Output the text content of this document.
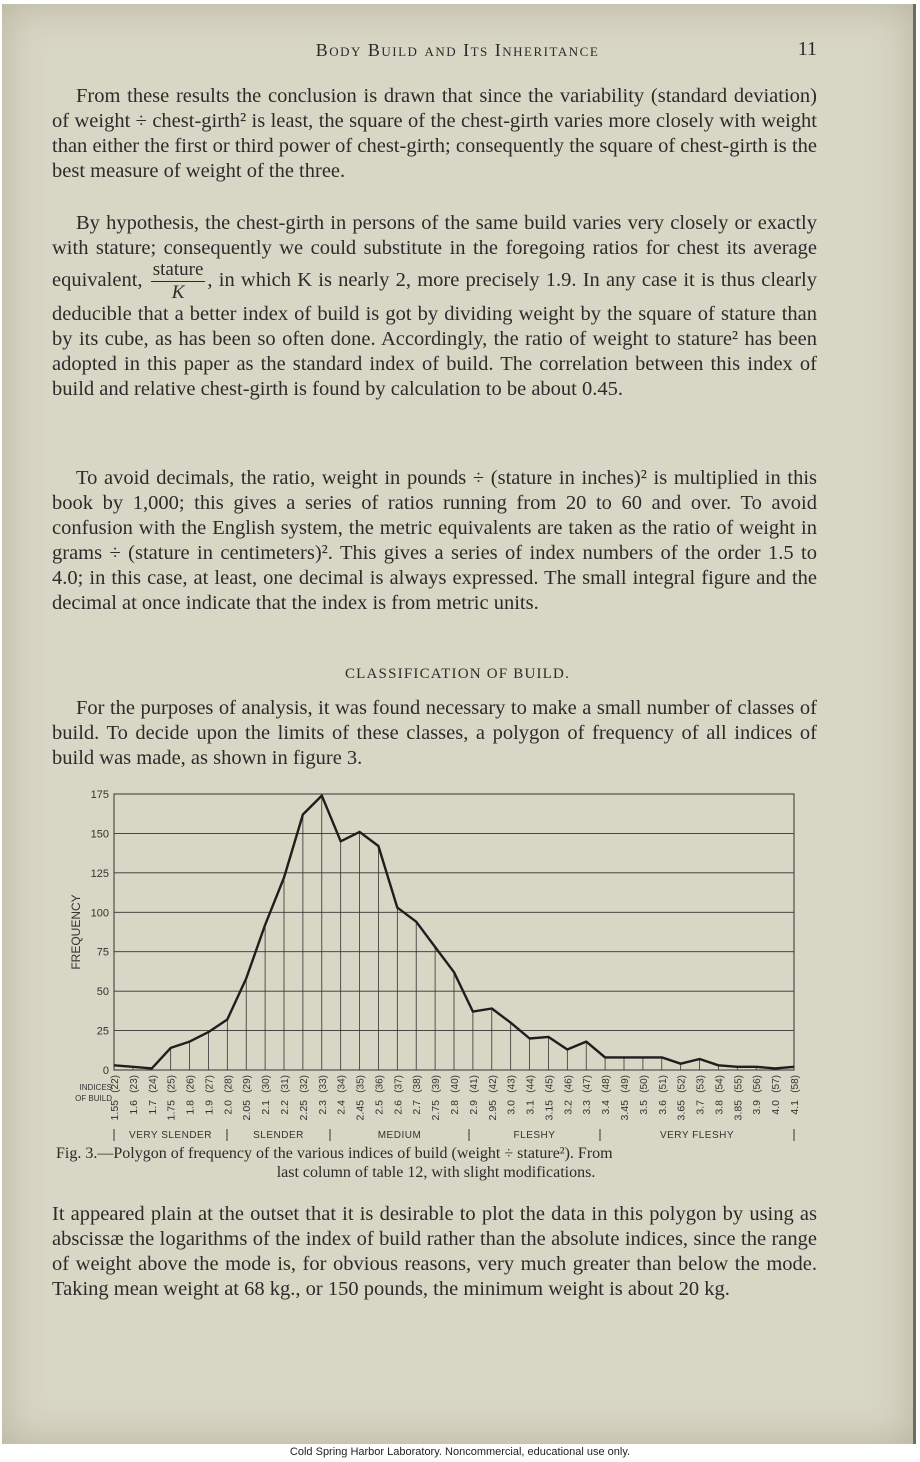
Body Build and Its Inheritance	11

From these results the conclusion is drawn that since the variability (standard deviation) of weight ÷ chest-girth² is least, the square of the chest-girth varies more closely with weight than either the first or third power of chest-girth; consequently the square of chest-girth is the best measure of weight of the three.

By hypothesis, the chest-girth in persons of the same build varies very closely or exactly with stature; consequently we could substitute in the foregoing ratios for chest its average equivalent, $\frac{\text{stature}}{K}$ , in which K is nearly 2, more precisely 1.9. In any case it is thus clearly deducible that a better index of build is got by dividing weight by the square of stature than by its cube, as has been so often done. Accordingly, the ratio of weight to stature² has been adopted in this paper as the standard index of build. The correlation between this index of build and relative chest-girth is found by calculation to be about 0.45.

To avoid decimals, the ratio, weight in pounds ÷ (stature in inches)² is multiplied in this book by 1,000; this gives a series of ratios running from 20 to 60 and over. To avoid confusion with the English system, the metric equivalents are taken as the ratio of weight in grams ÷ (stature in centimeters)². This gives a series of index numbers of the order 1.5 to 4.0; in this case, at least, one decimal is always expressed. The small integral figure and the decimal at once indicate that the index is from metric units.

CLASSIFICATION OF BUILD.

For the purposes of analysis, it was found necessary to make a small number of classes of build. To decide upon the limits of these classes, a polygon of frequency of all indices of build was made, as shown in figure 3.

0
25
50
75
100
125
150
175
FREQUENCY
INDICES
OF BUILD
(22)
1.55
(23)
1.6
(24)
1.7
(25)
1.75
(26)
1.8
(27)
1.9
(28)
2.0
(29)
2.05
(30)
2.1
(31)
2.2
(32)
2.25
(33)
2.3
(34)
2.4
(35)
2.45
(36)
2.5
(37)
2.6
(38)
2.7
(39)
2.75
(40)
2.8
(41)
2.9
(42)
2.95
(43)
3.0
(44)
3.1
(45)
3.15
(46)
3.2
(47)
3.3
(48)
3.4
(49)
3.45
(50)
3.5
(51)
3.6
(52)
3.65
(53)
3.7
(54)
3.8
(55)
3.85
(56)
3.9
(57)
4.0
(58)
4.1
VERY SLENDER	SLENDER	MEDIUM	FLESHY	VERY FLESHY
Fig. 3.—Polygon of frequency of the various indices of build (weight ÷ stature²). From
last column of table 12, with slight modifications.

It appeared plain at the outset that it is desirable to plot the data in this polygon by using as abscissæ the logarithms of the index of build rather than the absolute indices, since the range of weight above the mode is, for obvious reasons, very much greater than below the mode. Taking mean weight at 68 kg., or 150 pounds, the minimum weight is about 20 kg.

Cold Spring Harbor Laboratory. Noncommercial, educational use only.
